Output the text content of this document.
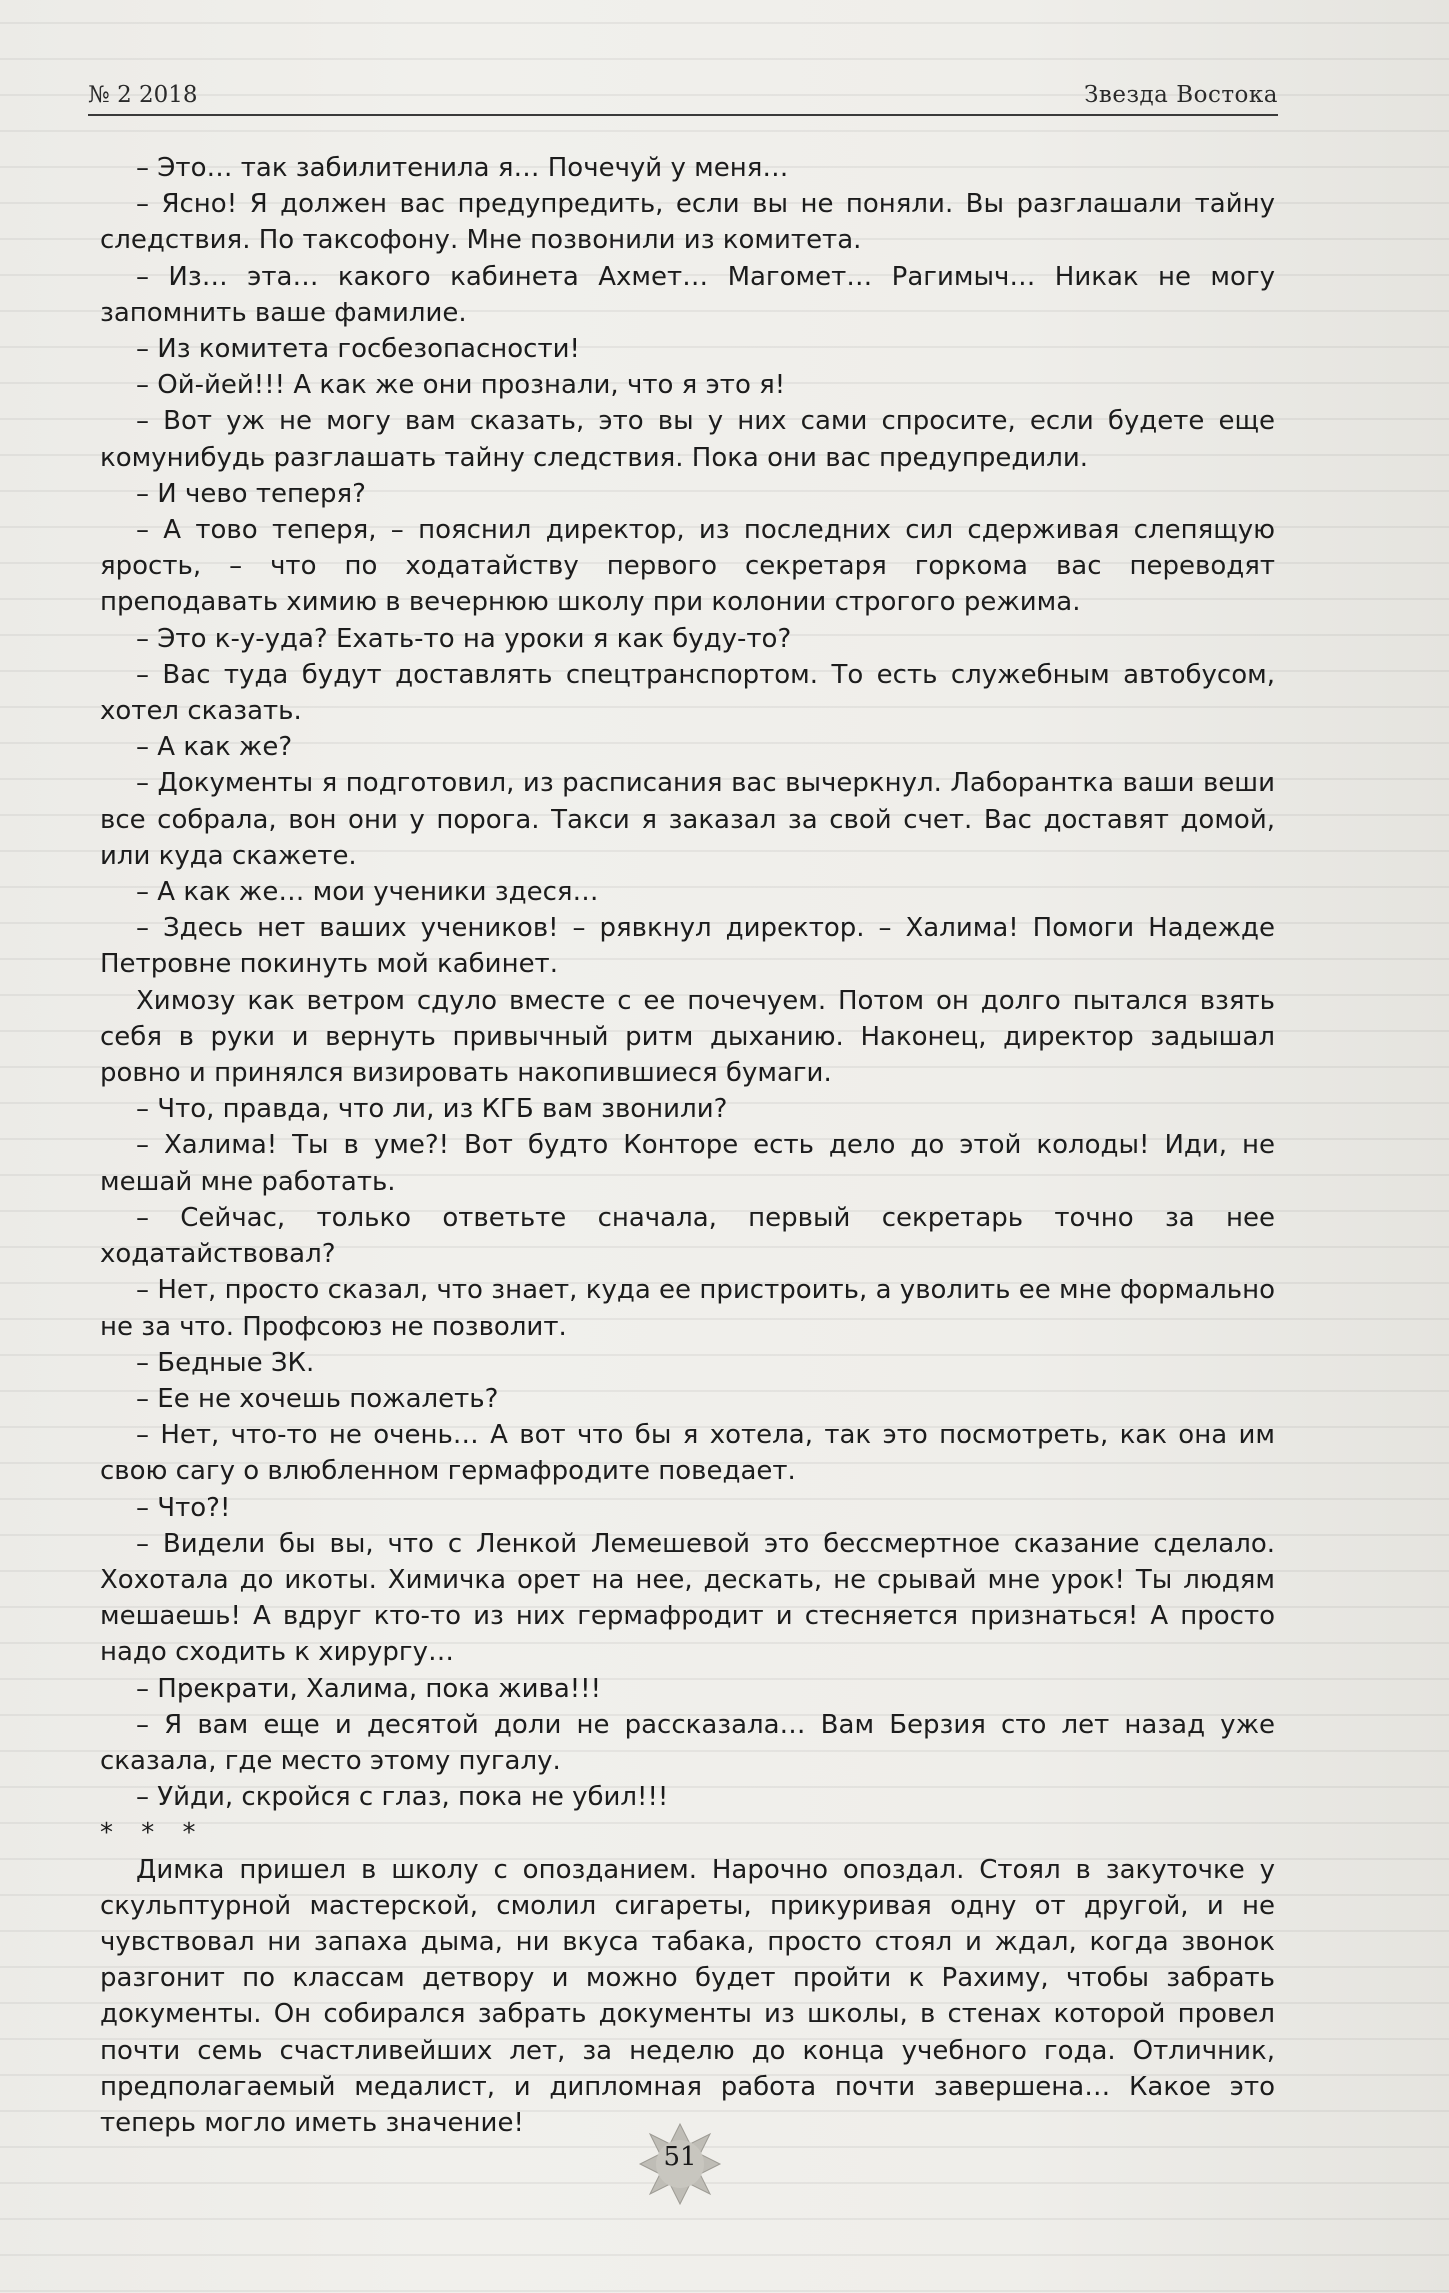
№ 2 2018	Звезда Востока

– Это… так забилитенила я… Почечуй у меня…

– Ясно! Я должен вас предупредить, если вы не поняли. Вы разглашали тайну следствия. По таксофону. Мне позвонили из комитета.

– Из… эта… какого кабинета Ахмет… Магомет… Рагимыч… Никак не могу запомнить ваше фамилие.

– Из комитета госбезопасности!

– Ой-йей!!! А как же они прознали, что я это я!

– Вот уж не могу вам сказать, это вы у них сами спросите, если будете еще комунибудь разглашать тайну следствия. Пока они вас предупредили.

– И чево теперя?

– А тово теперя, – пояснил директор, из последних сил сдерживая слепящую ярость, – что по ходатайству первого секретаря горкома вас переводят преподавать химию в вечернюю школу при колонии строгого режима.

– Это к-у-уда? Ехать-то на уроки я как буду-то?

– Вас туда будут доставлять спецтранспортом. То есть служебным автобусом, хотел сказать.

– А как же?

– Документы я подготовил, из расписания вас вычеркнул. Лаборантка ваши веши все собрала, вон они у порога. Такси я заказал за свой счет. Вас доставят домой, или куда скажете.

– А как же… мои ученики здеся…

– Здесь нет ваших учеников! – рявкнул директор. – Халима! Помоги Надежде Петровне покинуть мой кабинет.

Химозу как ветром сдуло вместе с ее почечуем. Потом он долго пытался взять себя в руки и вернуть привычный ритм дыханию. Наконец, директор задышал ровно и принялся визировать накопившиеся бумаги.

– Что, правда, что ли, из КГБ вам звонили?

– Халима! Ты в уме?! Вот будто Конторе есть дело до этой колоды! Иди, не мешай мне работать.

– Сейчас, только ответьте сначала, первый секретарь точно за нее ходатайствовал?

– Нет, просто сказал, что знает, куда ее пристроить, а уволить ее мне формально не за что. Профсоюз не позволит.

– Бедные ЗК.

– Ее не хочешь пожалеть?

– Нет, что-то не очень… А вот что бы я хотела, так это посмотреть, как она им свою сагу о влюбленном гермафродите поведает.

– Что?!

– Видели бы вы, что с Ленкой Лемешевой это бессмертное сказание сделало. Хохотала до икоты. Химичка орет на нее, дескать, не срывай мне урок! Ты людям мешаешь! А вдруг кто-то из них гермафродит и стесняется признаться! А просто надо сходить к хирургу…

– Прекрати, Халима, пока жива!!!

– Я вам еще и десятой доли не рассказала… Вам Берзия сто лет назад уже сказала, где место этому пугалу.

– Уйди, скройся с глаз, пока не убил!!!

* * *

Димка пришел в школу с опозданием. Нарочно опоздал. Стоял в закуточке у скульптурной мастерской, смолил сигареты, прикуривая одну от другой, и не чувствовал ни запаха дыма, ни вкуса табака, просто стоял и ждал, когда звонок разгонит по классам детвору и можно будет пройти к Рахиму, чтобы забрать документы. Он собирался забрать документы из школы, в стенах которой провел почти семь счастливейших лет, за неделю до конца учебного года. Отличник, предполагаемый медалист, и дипломная работа почти завершена… Какое это теперь могло иметь значение!

51
